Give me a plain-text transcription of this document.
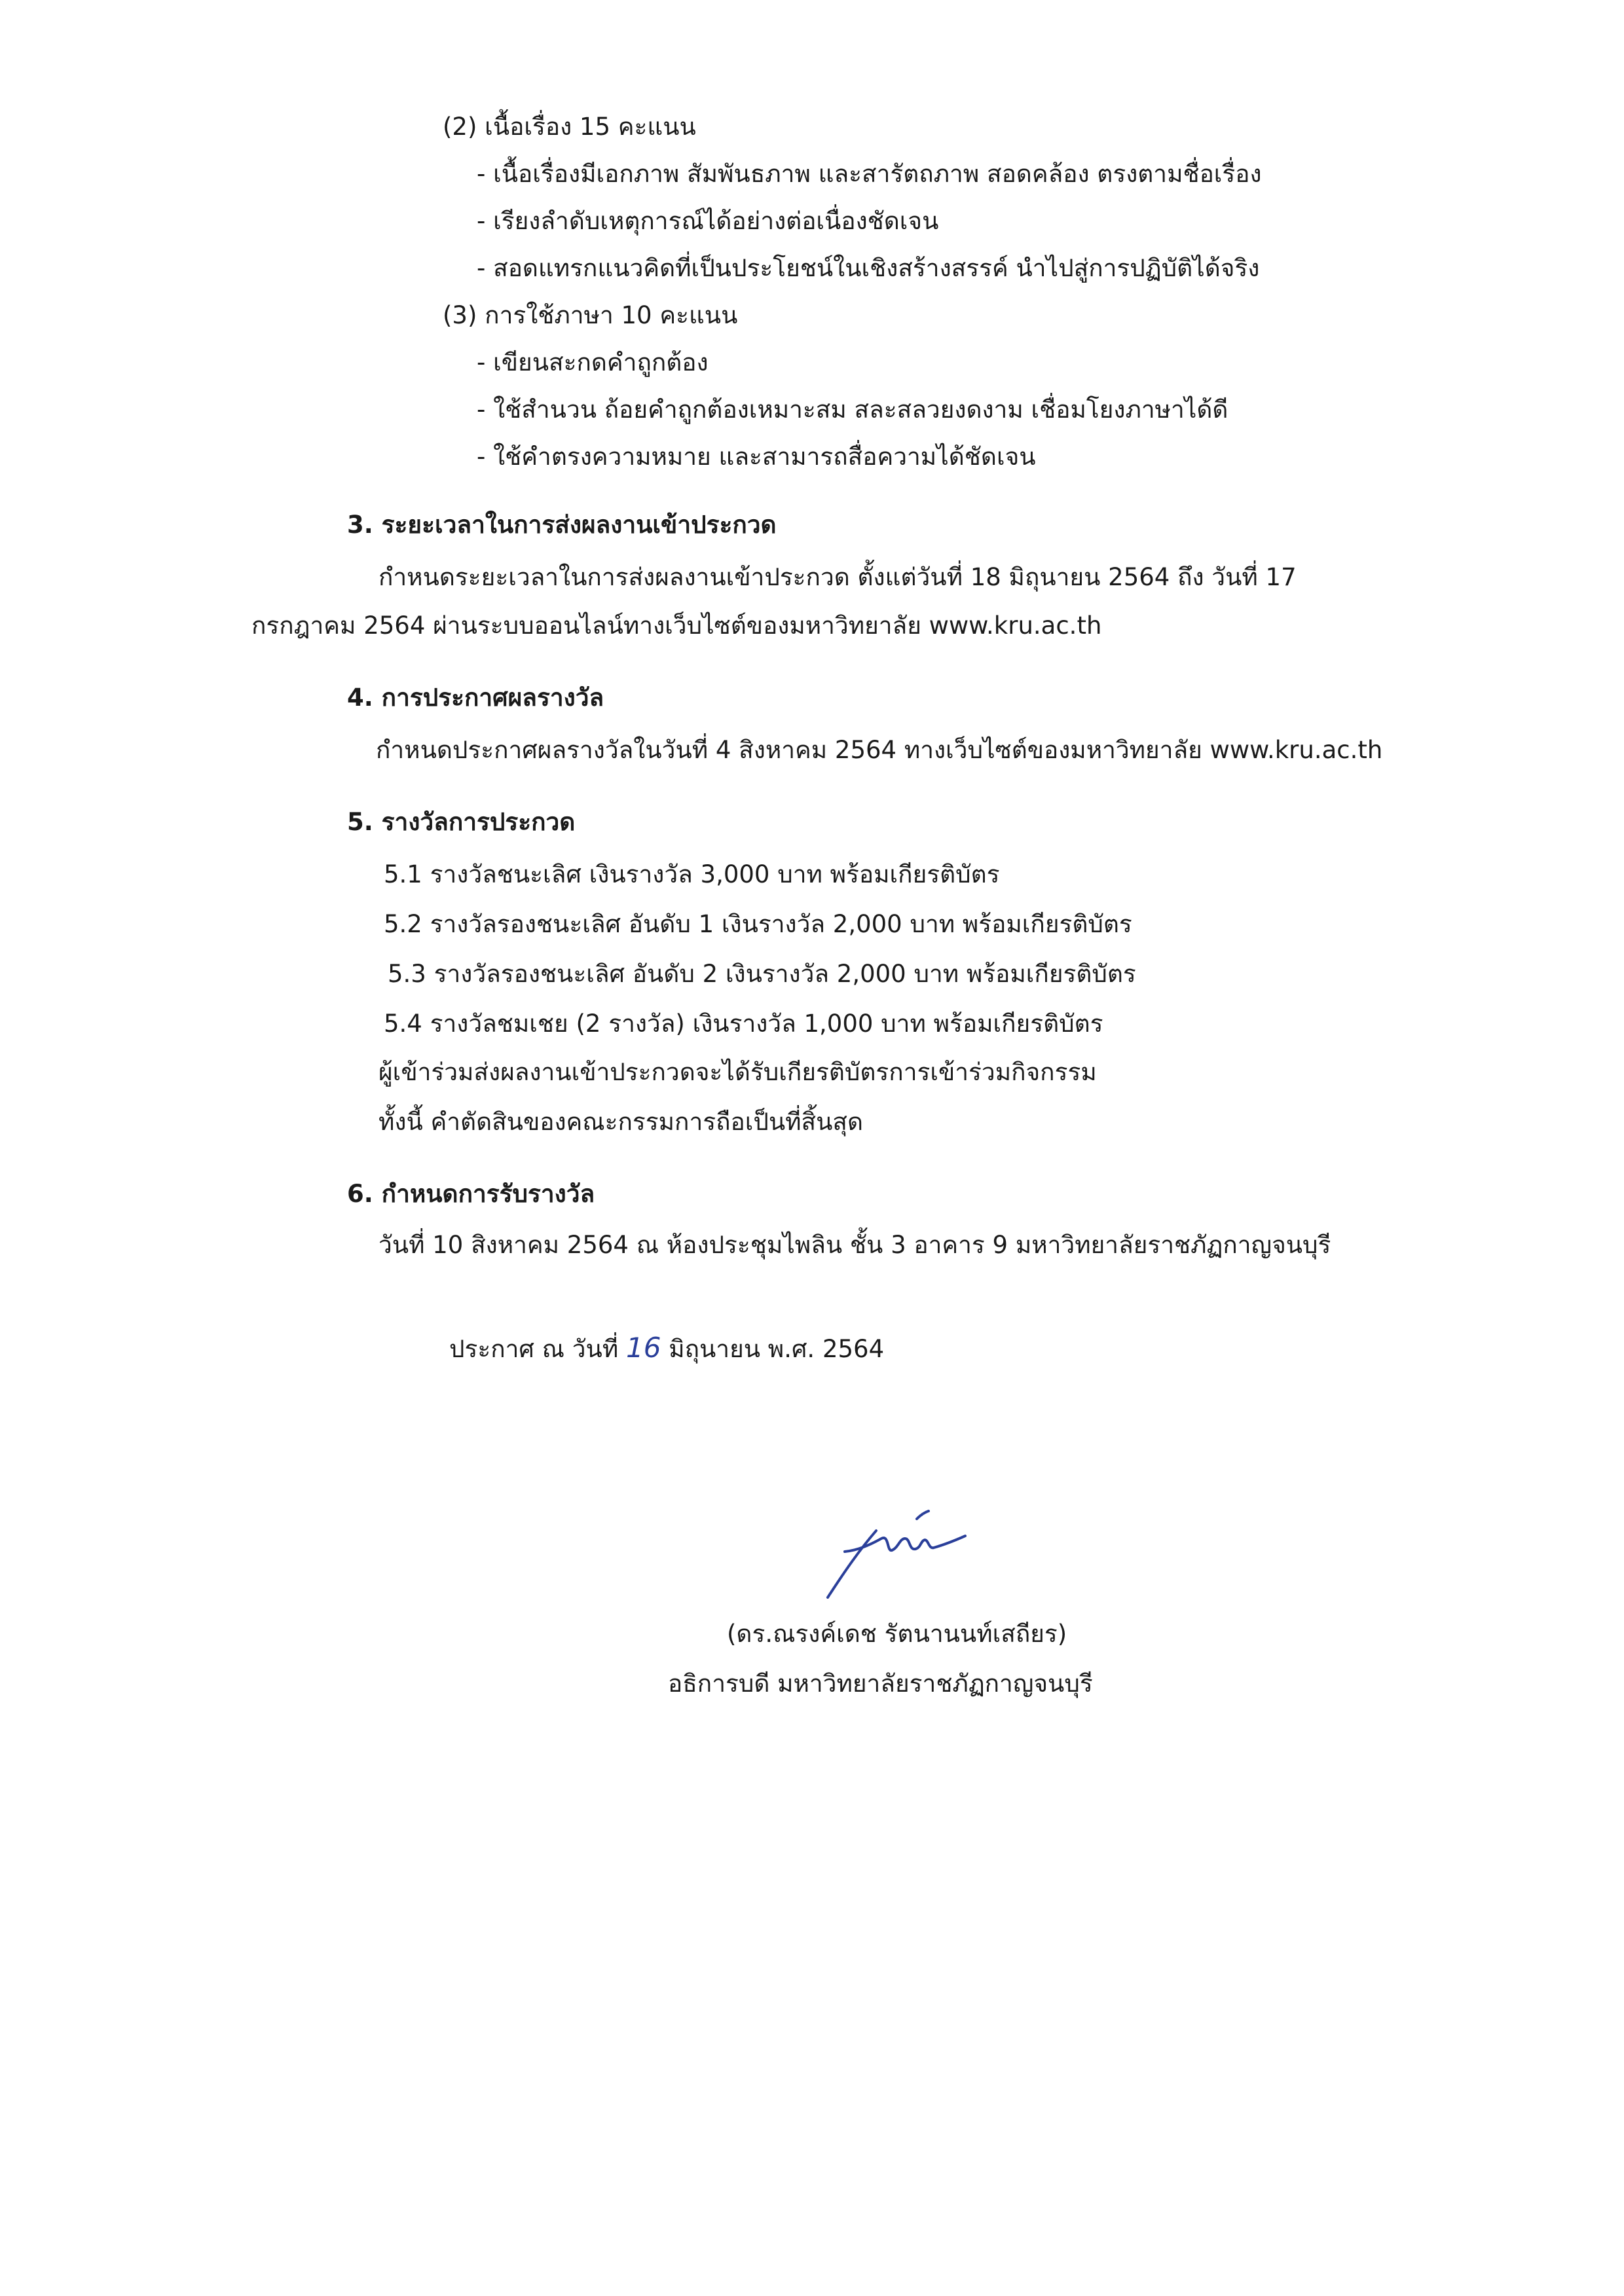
(2) เนื้อเรื่อง 15 คะแนน
- เนื้อเรื่องมีเอกภาพ สัมพันธภาพ และสารัตถภาพ สอดคล้อง ตรงตามชื่อเรื่อง
- เรียงลำดับเหตุการณ์ได้อย่างต่อเนื่องชัดเจน
- สอดแทรกแนวคิดที่เป็นประโยชน์ในเชิงสร้างสรรค์ นำไปสู่การปฏิบัติได้จริง
(3) การใช้ภาษา 10 คะแนน
- เขียนสะกดคำถูกต้อง
- ใช้สำนวน ถ้อยคำถูกต้องเหมาะสม สละสลวยงดงาม เชื่อมโยงภาษาได้ดี
- ใช้คำตรงความหมาย และสามารถสื่อความได้ชัดเจน
3. ระยะเวลาในการส่งผลงานเข้าประกวด
กำหนดระยะเวลาในการส่งผลงานเข้าประกวด ตั้งแต่วันที่ 18 มิถุนายน 2564 ถึง วันที่ 17
กรกฎาคม 2564 ผ่านระบบออนไลน์ทางเว็บไซต์ของมหาวิทยาลัย www.kru.ac.th
4. การประกาศผลรางวัล
กำหนดประกาศผลรางวัลในวันที่ 4 สิงหาคม 2564 ทางเว็บไซต์ของมหาวิทยาลัย www.kru.ac.th
5. รางวัลการประกวด
5.1 รางวัลชนะเลิศ เงินรางวัล 3,000 บาท พร้อมเกียรติบัตร
5.2 รางวัลรองชนะเลิศ อันดับ 1 เงินรางวัล 2,000 บาท พร้อมเกียรติบัตร
5.3 รางวัลรองชนะเลิศ อันดับ 2 เงินรางวัล 2,000 บาท พร้อมเกียรติบัตร
5.4 รางวัลชมเชย (2 รางวัล) เงินรางวัล 1,000 บาท พร้อมเกียรติบัตร
ผู้เข้าร่วมส่งผลงานเข้าประกวดจะได้รับเกียรติบัตรการเข้าร่วมกิจกรรม
ทั้งนี้ คำตัดสินของคณะกรรมการถือเป็นที่สิ้นสุด
6. กำหนดการรับรางวัล
วันที่ 10 สิงหาคม 2564 ณ ห้องประชุมไพลิน ชั้น 3 อาคาร 9 มหาวิทยาลัยราชภัฏกาญจนบุรี
ประกาศ ณ วันที่ 16 มิถุนายน พ.ศ. 2564
(ดร.ณรงค์เดช รัตนานนท์เสถียร)
อธิการบดี มหาวิทยาลัยราชภัฏกาญจนบุรี
